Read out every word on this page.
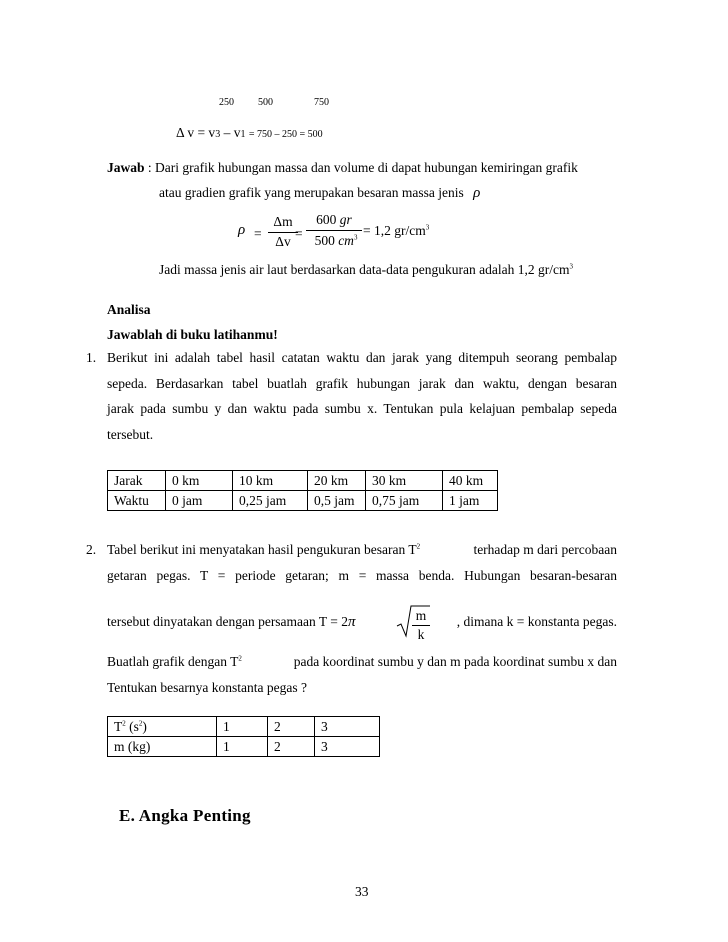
250 500	750
Δ v = v3 – v1 = 750 – 250 = 500
Jawab : Dari grafik hubungan massa dan volume di dapat hubungan kemiringan grafik
atau gradien grafik yang merupakan besaran massa jenis ρ
ρ =
Δm
Δv
=
600 gr
500 $cm^3 = 1,2$ $gr/cm^3$
Jadi massa jenis air laut berdasarkan data-data pengukuran adalah 1,2 $gr/cm^3$
Analisa
Jawablah di buku latihanmu!
1. Berikut ini adalah tabel hasil catatan waktu dan jarak yang ditempuh seorang pembalap
sepeda. Berdasarkan tabel buatlah grafik hubungan jarak dan waktu, dengan besaran
jarak pada sumbu y dan waktu pada sumbu x. Tentukan pula kelajuan pembalap sepeda
tersebut.
Jarak	0 km	10 km	20 km	30 km	40 km
Waktu	0 jam	0,25 jam	0,5 jam	0,75 jam	1 jam
2. Tabel berikut ini menyatakan hasil pengukuran besaran $T^2$	terhadap m dari percobaan
getaran pegas. T = periode getaran; m = massa benda. Hubungan besaran-besaran
tersebut dinyatakan dengan persamaan T = 2π	m
k
, dimana k = konstanta pegas.
Buatlah grafik dengan $T^2$	pada koordinat sumbu y dan m pada koordinat sumbu x dan
Tentukan besarnya konstanta pegas ?
$T^2$ $(s^2)$	1	2	3
m (kg)	1	2	3
E. Angka Penting
33
